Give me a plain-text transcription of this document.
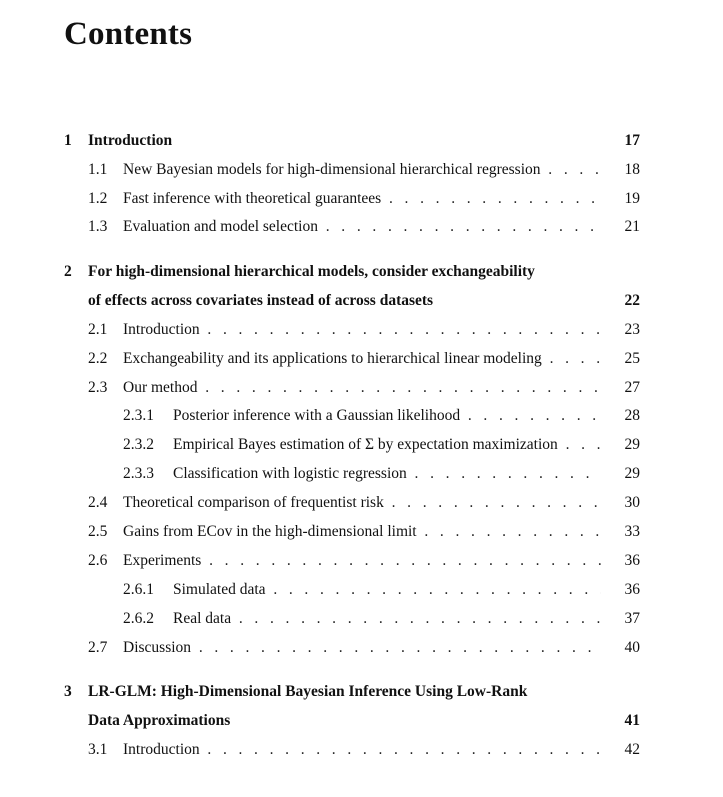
Contents
1 Introduction	17
1.1 New Bayesian models for high-dimensional hierarchical regression . . .	18
1.2 Fast inference with theoretical guarantees . . .	19
1.3 Evaluation and model selection . . .	21
2 For high-dimensional hierarchical models, consider exchangeability
of effects across covariates instead of across datasets	22
2.1 Introduction . . .	23
2.2 Exchangeability and its applications to hierarchical linear modeling . . .	25
2.3 Our method . . .	27
2.3.1 Posterior inference with a Gaussian likelihood . . .	28
2.3.2 Empirical Bayes estimation of Σ by expectation maximization . . .	29
2.3.3 Classification with logistic regression . . .	29
2.4 Theoretical comparison of frequentist risk . . .	30
2.5 Gains from ECov in the high-dimensional limit . . .	33
2.6 Experiments . . .	36
2.6.1 Simulated data . . .	36
2.6.2 Real data . . .	37
2.7 Discussion . . .	40
3 LR-GLM: High-Dimensional Bayesian Inference Using Low-Rank
Data Approximations	41
3.1 Introduction . . .	42
